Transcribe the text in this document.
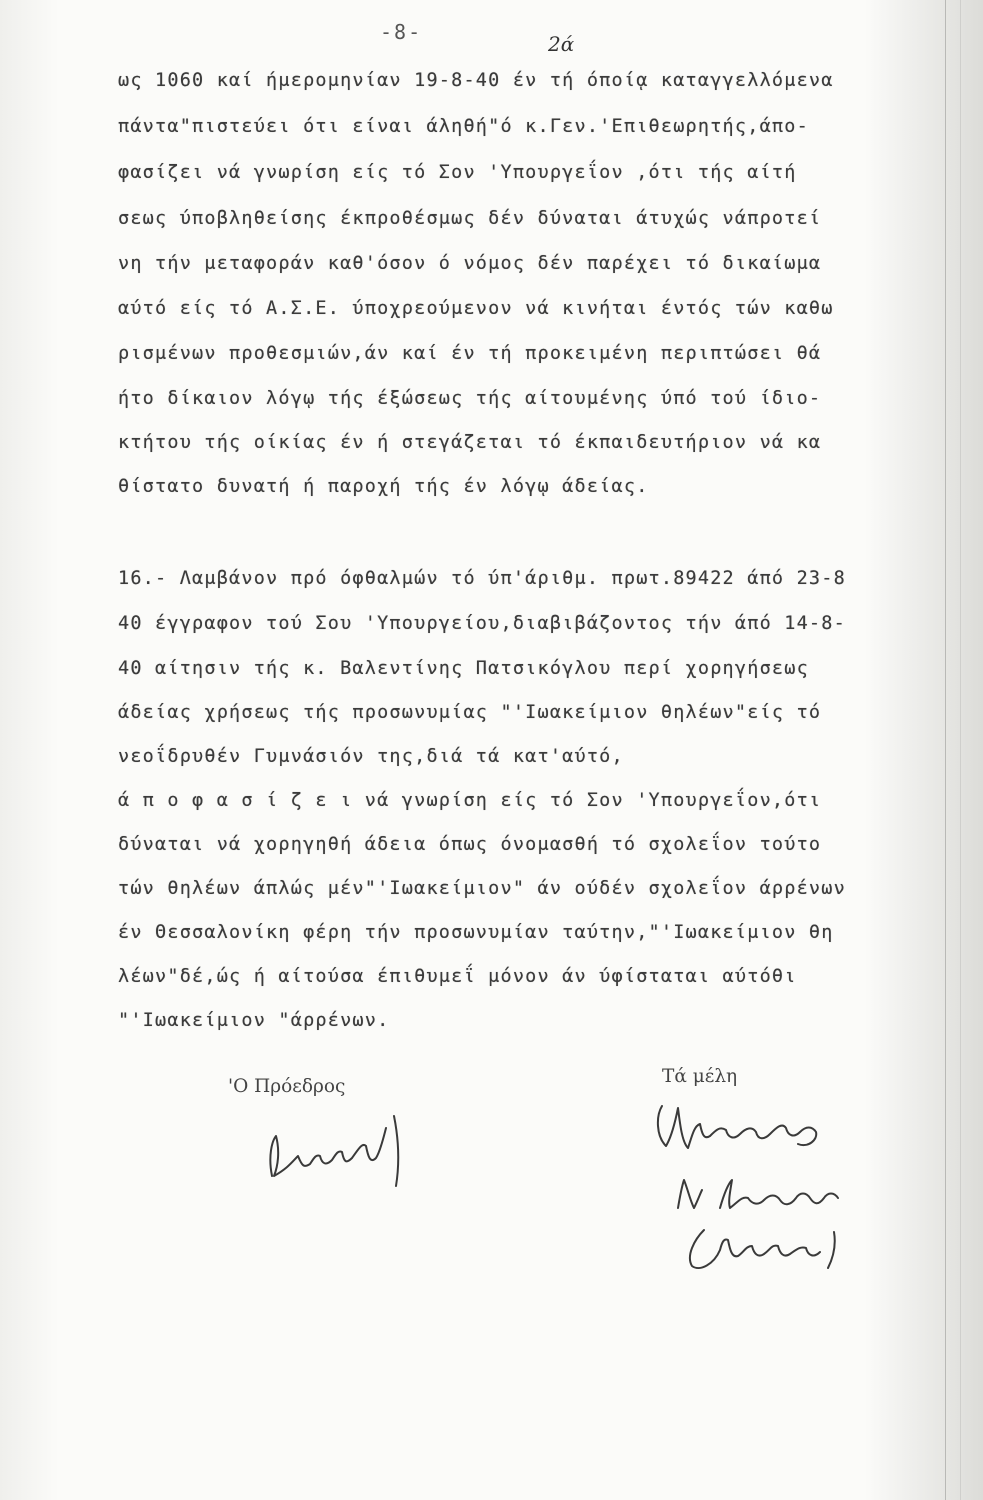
-8-	2ά
ως 1060 καί ήμερομηνίαν 19-8-40 έν τή όποίᾳ καταγγελλόμενα
πάντα"πιστεύει ότι είναι άληθή"ό κ.Γεν.'Επιθεωρητής,άπο-
φασίζει νά γνωρίση είς τό Σον 'Υπουργεΐον ,ότι τής αίτή
σεως ύποβληθείσης έκπροθέσμως δέν δύναται άτυχώς νάπροτεί
νη τήν μεταφοράν καθ'όσον ό νόμος δέν παρέχει τό δικαίωμα
αύτό είς τό Α.Σ.Ε. ύποχρεούμενον νά κινήται έντός τών καθω
ρισμένων προθεσμιών,άν καί έν τή προκειμένη περιπτώσει θά
ήτο δίκαιον λόγῳ τής έξώσεως τής αίτουμένης ύπό τού ίδιο-
κτήτου τής οίκίας έν ή στεγάζεται τό έκπαιδευτήριον νά κα
θίστατο δυνατή ή παροχή τής έν λόγῳ άδείας.
16.- Λαμβάνον πρό όφθαλμών τό ύπ'άριθμ. πρωτ.89422 άπό 23-8
40 έγγραφον τού Σου 'Υπουργείου,διαβιβάζοντος τήν άπό 14-8-
40 αίτησιν τής κ. Βαλεντίνης Πατσικόγλου περί χορηγήσεως
άδείας χρήσεως τής προσωνυμίας "'Ιωακείμιον θηλέων"είς τό
νεοΐδρυθέν Γυμνάσιόν της,διά τά κατ'αύτό,
ά π ο φ α σ ί ζ ε ι νά γνωρίση είς τό Σον 'Υπουργεΐον,ότι
δύναται νά χορηγηθή άδεια όπως όνομασθή τό σχολεΐον τούτο
τών θηλέων άπλώς μέν"'Ιωακείμιον" άν ούδέν σχολεΐον άρρένων
έν Θεσσαλονίκη φέρη τήν προσωνυμίαν ταύτην,"'Ιωακείμιον θη
λέων"δέ,ώς ή αίτούσα έπιθυμεΐ μόνον άν ύφίσταται αύτόθι
"'Ιωακείμιον "άρρένων.
'Ο Πρόεδρος	Τά μέλη
